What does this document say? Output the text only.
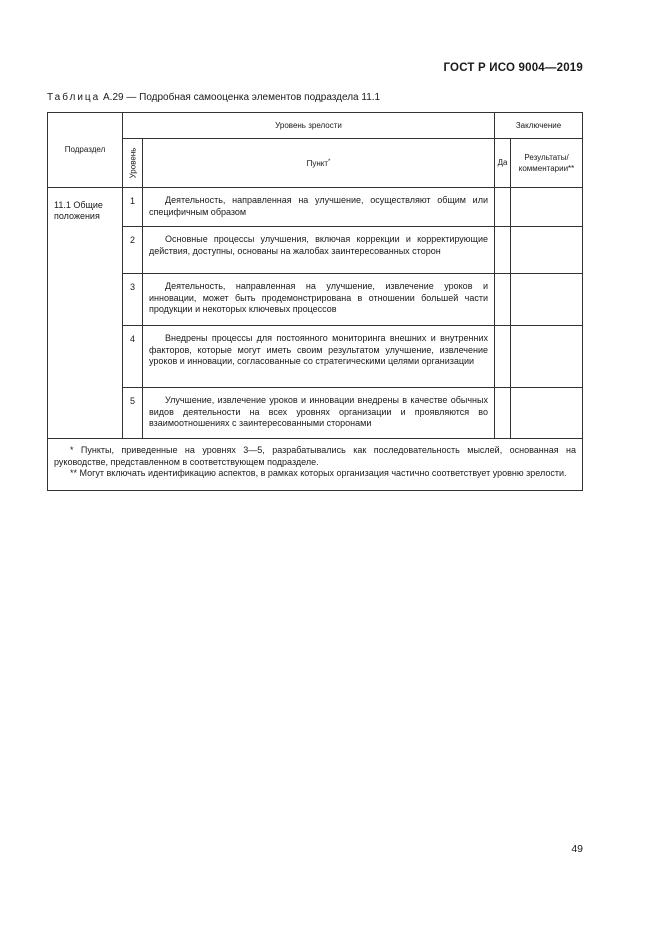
ГОСТ Р ИСО 9004—2019
Таблица А.29 — Подробная самооценка элементов подраздела 11.1
Подраздел	Уровень зрелости		Заключение	

	Уровень	Пункт*	Да	Результаты/ комментарии**
11.1 Общие положения	1	Деятельность, направленная на улучшение, осуществляют общим или специфичным образом		

	2	Основные процессы улучшения, включая коррекции и корректирующие действия, доступны, основаны на жалобах заинтересованных сторон		

	3	Деятельность, направленная на улучшение, извлечение уроков и инновации, может быть продемонстрирована в отношении большей части продукции и некоторых ключевых процессов		

	4	Внедрены процессы для постоянного мониторинга внешних и внутренних факторов, которые могут иметь своим результатом улучшение, извлечение уроков и инновации, согласованные со стратегическими целями организации		

	5	Улучшение, извлечение уроков и инновации внедрены в качестве обычных видов деятельности на всех уровнях организации и проявляются во взаимоотношениях с заинтересованными сторонами		

* Пункты, приведенные на уровнях 3—5, разрабатывались как последовательность мыслей, основанная на руководстве, представленном в соответствующем подразделе.
** Могут включать идентификацию аспектов, в рамках которых организация частично соответствует уровню зрелости.				
49
